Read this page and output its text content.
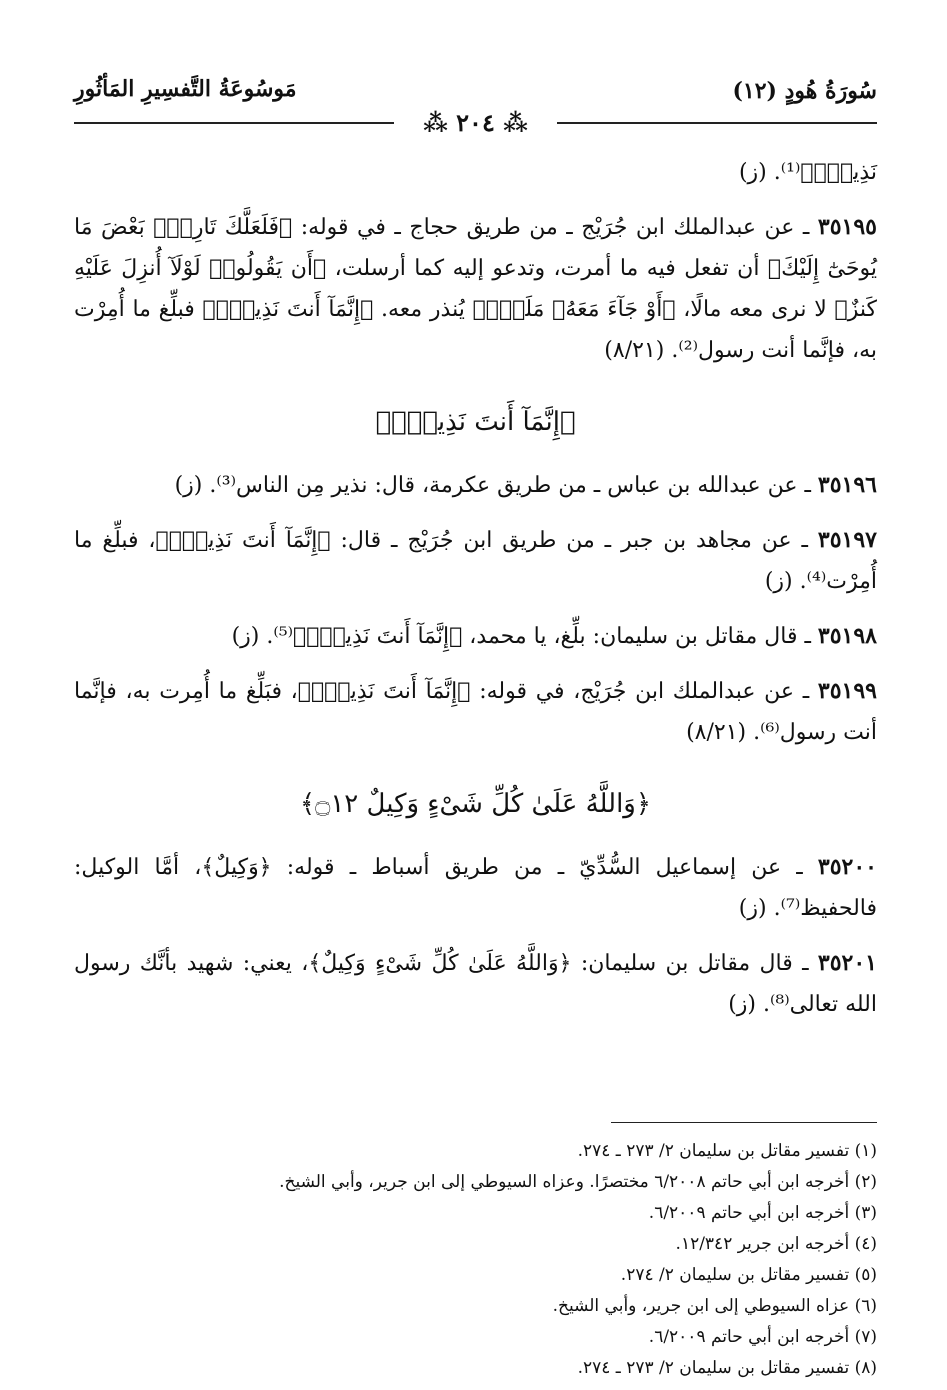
سُورَةُ هُودٍ (١٢)
مَوسُوعَةُ التَّفسِيرِ المَأثُورِ
⁂ ٢٠٤ ⁂

نَذِيرٌۚ﴾⁽¹⁾. (ز)

٣٥١٩٥ ـ عن عبدالملك ابن جُرَيْج ـ من طريق حجاج ـ في قوله: ﴿فَلَعَلَّكَ تَارِكُۢ بَعْضَ مَا يُوحَىٰٓ إِلَيْكَ﴾ أن تفعل فيه ما أمرت، وتدعو إليه كما أرسلت، ﴿أَن يَقُولُوا۟ لَوْلَآ أُنزِلَ عَلَيْهِ كَنزٌ﴾ لا نرى معه مالًا، ﴿أَوْ جَآءَ مَعَهُۥ مَلَكٌۚ﴾ يُنذر معه. ﴿إِنَّمَآ أَنتَ نَذِيرٌۚ﴾ فبلِّغ ما أُمِرْت به، فإنَّما أنت رسول⁽²⁾. (٨/٢١)

﴿إِنَّمَآ أَنتَ نَذِيرٌۚ﴾

٣٥١٩٦ ـ عن عبدالله بن عباس ـ من طريق عكرمة، قال: نذير مِن الناس⁽³⁾. (ز)

٣٥١٩٧ ـ عن مجاهد بن جبر ـ من طريق ابن جُرَيْج ـ قال: ﴿إِنَّمَآ أَنتَ نَذِيرٌۚ﴾، فبلِّغ ما أُمِرْت⁽⁴⁾. (ز)

٣٥١٩٨ ـ قال مقاتل بن سليمان: بلِّغ، يا محمد، ﴿إِنَّمَآ أَنتَ نَذِيرٌۚ﴾⁽⁵⁾. (ز)

٣٥١٩٩ ـ عن عبدالملك ابن جُرَيْج، في قوله: ﴿إِنَّمَآ أَنتَ نَذِيرٌۚ﴾، فبَلِّغ ما أُمِرت به، فإنَّما أنت رسول⁽⁶⁾. (٨/٢١)

﴿وَاللَّهُ عَلَىٰ كُلِّ شَىْءٍ وَكِيلٌ ۝١٢﴾

٣٥٢٠٠ ـ عن إسماعيل السُّدِّيّ ـ من طريق أسباط ـ قوله: ﴿وَكِيلٌ﴾، أمَّا الوكيل: فالحفيظ⁽⁷⁾. (ز)

٣٥٢٠١ ـ قال مقاتل بن سليمان: ﴿وَاللَّهُ عَلَىٰ كُلِّ شَىْءٍ وَكِيلٌ﴾، يعني: شهيد بأنَّك رسول الله تعالى⁽⁸⁾. (ز)

(١) تفسير مقاتل بن سليمان ٢/ ٢٧٣ ـ ٢٧٤.
(٢) أخرجه ابن أبي حاتم ٦/٢٠٠٨ مختصرًا. وعزاه السيوطي إلى ابن جرير، وأبي الشيخ.
(٣) أخرجه ابن أبي حاتم ٦/٢٠٠٩.
(٤) أخرجه ابن جرير ١٢/٣٤٢.
(٥) تفسير مقاتل بن سليمان ٢/ ٢٧٤.
(٦) عزاه السيوطي إلى ابن جرير، وأبي الشيخ.
(٧) أخرجه ابن أبي حاتم ٦/٢٠٠٩.
(٨) تفسير مقاتل بن سليمان ٢/ ٢٧٣ ـ ٢٧٤.
